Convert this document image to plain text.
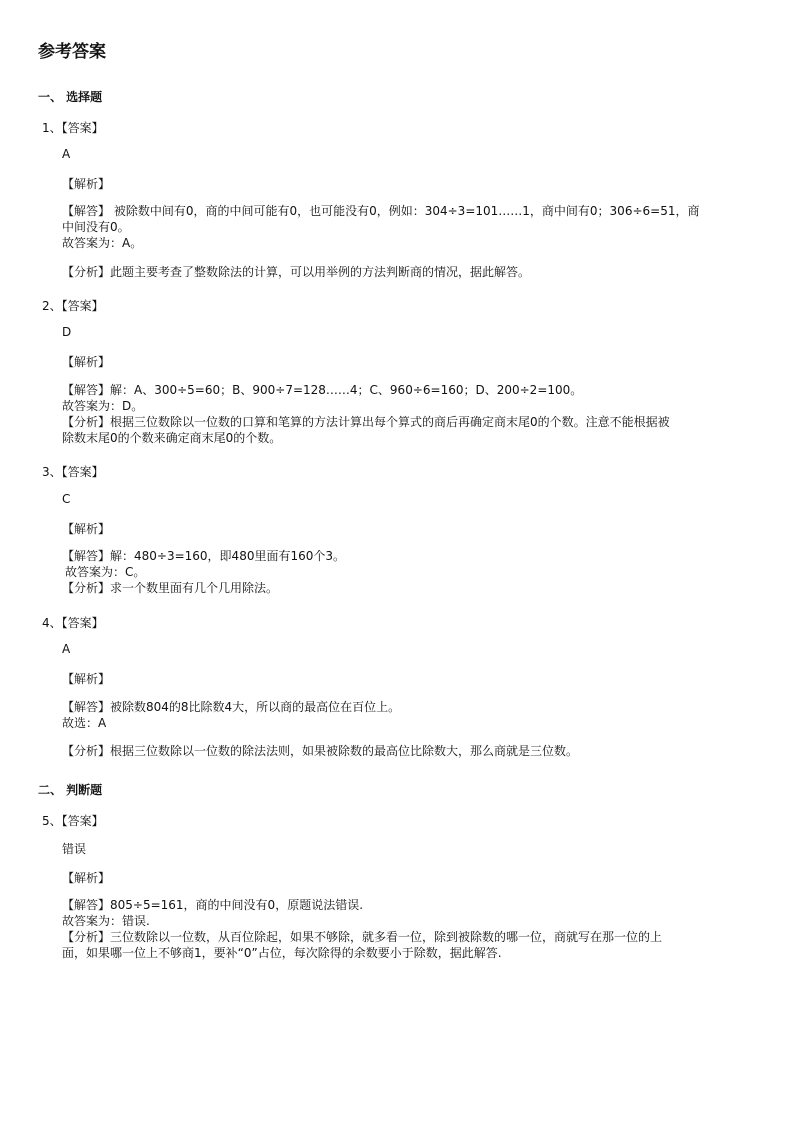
参考答案
一、 选择题
1、【答案】
A
【解析】
【解答】 被除数中间有0，商的中间可能有0，也可能没有0，例如：304÷3=101……1，商中间有0；306÷6=51，商
中间没有0。
故答案为：A。
【分析】此题主要考查了整数除法的计算，可以用举例的方法判断商的情况，据此解答。
2、【答案】
D
【解析】
【解答】解：A、300÷5=60；B、900÷7=128……4；C、960÷6=160；D、200÷2=100。
故答案为：D。
【分析】根据三位数除以一位数的口算和笔算的方法计算出每个算式的商后再确定商末尾0的个数。注意不能根据被
除数末尾0的个数来确定商末尾0的个数。
3、【答案】
C
【解析】
【解答】解：480÷3=160，即480里面有160个3。
故答案为：C。
【分析】求一个数里面有几个几用除法。
4、【答案】
A
【解析】
【解答】被除数804的8比除数4大，所以商的最高位在百位上。
故选：A
【分析】根据三位数除以一位数的除法法则，如果被除数的最高位比除数大，那么商就是三位数。
二、 判断题
5、【答案】
错误
【解析】
【解答】805÷5=161，商的中间没有0，原题说法错误.
故答案为：错误.
【分析】三位数除以一位数，从百位除起，如果不够除，就多看一位，除到被除数的哪一位，商就写在那一位的上
面，如果哪一位上不够商1，要补“0”占位，每次除得的余数要小于除数，据此解答.
